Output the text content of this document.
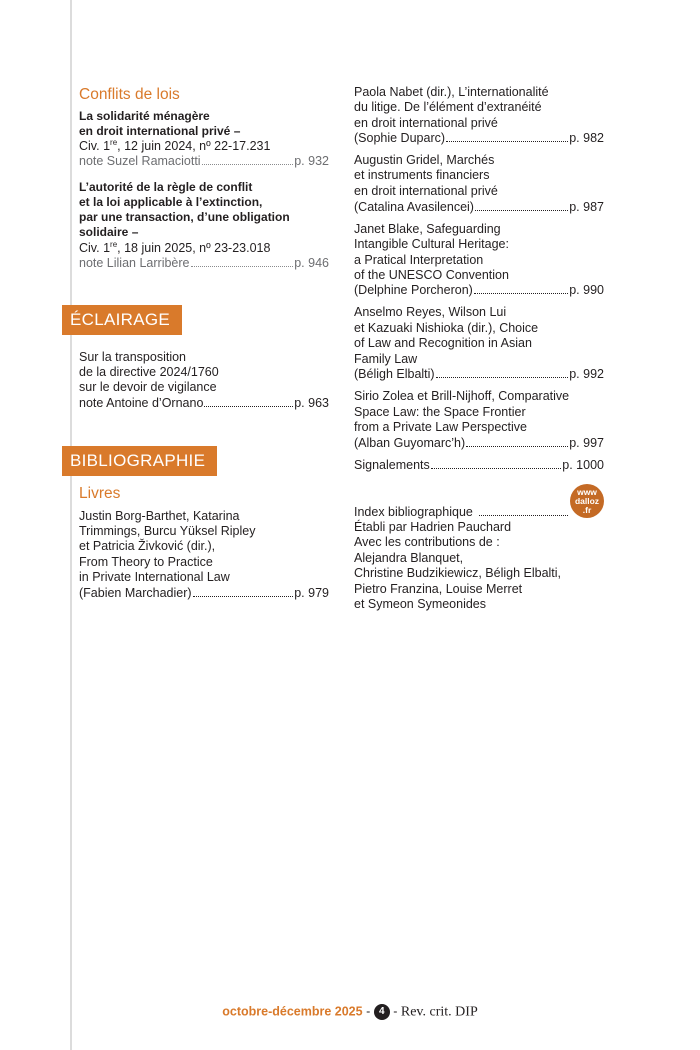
Conflits de lois
La solidarité ménagère
en droit international privé –
Civ. 1re, 12 juin 2024, nº 22-17.231
note Suzel Ramaciotti	p. 932
L’autorité de la règle de conflit
et la loi applicable à l’extinction,
par une transaction, d’une obligation
solidaire –
Civ. 1re, 18 juin 2025, nº 23-23.018
note Lilian Larribère	p. 946
Sur la transposition
de la directive 2024/1760
sur le devoir de vigilance
note Antoine d’Ornano	p. 963
Livres
Justin Borg-Barthet, Katarina
Trimmings, Burcu Yüksel Ripley
et Patricia Živković (dir.),
From Theory to Practice
in Private International Law
(Fabien Marchadier)	p. 979
ÉCLAIRAGE
BIBLIOGRAPHIE
Paola Nabet (dir.), L’internationalité
du litige. De l’élément d’extranéité
en droit international privé
(Sophie Duparc)	p. 982
Augustin Gridel, Marchés
et instruments financiers
en droit international privé
(Catalina Avasilencei)	p. 987
Janet Blake, Safeguarding
Intangible Cultural Heritage:
a Pratical Interpretation
of the UNESCO Convention
(Delphine Porcheron)	p. 990
Anselmo Reyes, Wilson Lui
et Kazuaki Nishioka (dir.), Choice
of Law and Recognition in Asian
Family Law
(Béligh Elbalti)	p. 992
Sirio Zolea et Brill-Nijhoff, Comparative
Space Law: the Space Frontier
from a Private Law Perspective
(Alban Guyomarc’h)	p. 997
Signalements	p. 1000
Index bibliographique
Établi par Hadrien Pauchard
Avec les contributions de :
Alejandra Blanquet,
Christine Budzikiewicz, Béligh Elbalti,
Pietro Franzina, Louise Merret
et Symeon Symeonides
www
dalloz
.fr
octobre-décembre 2025 - 4 - Rev. crit. DIP
